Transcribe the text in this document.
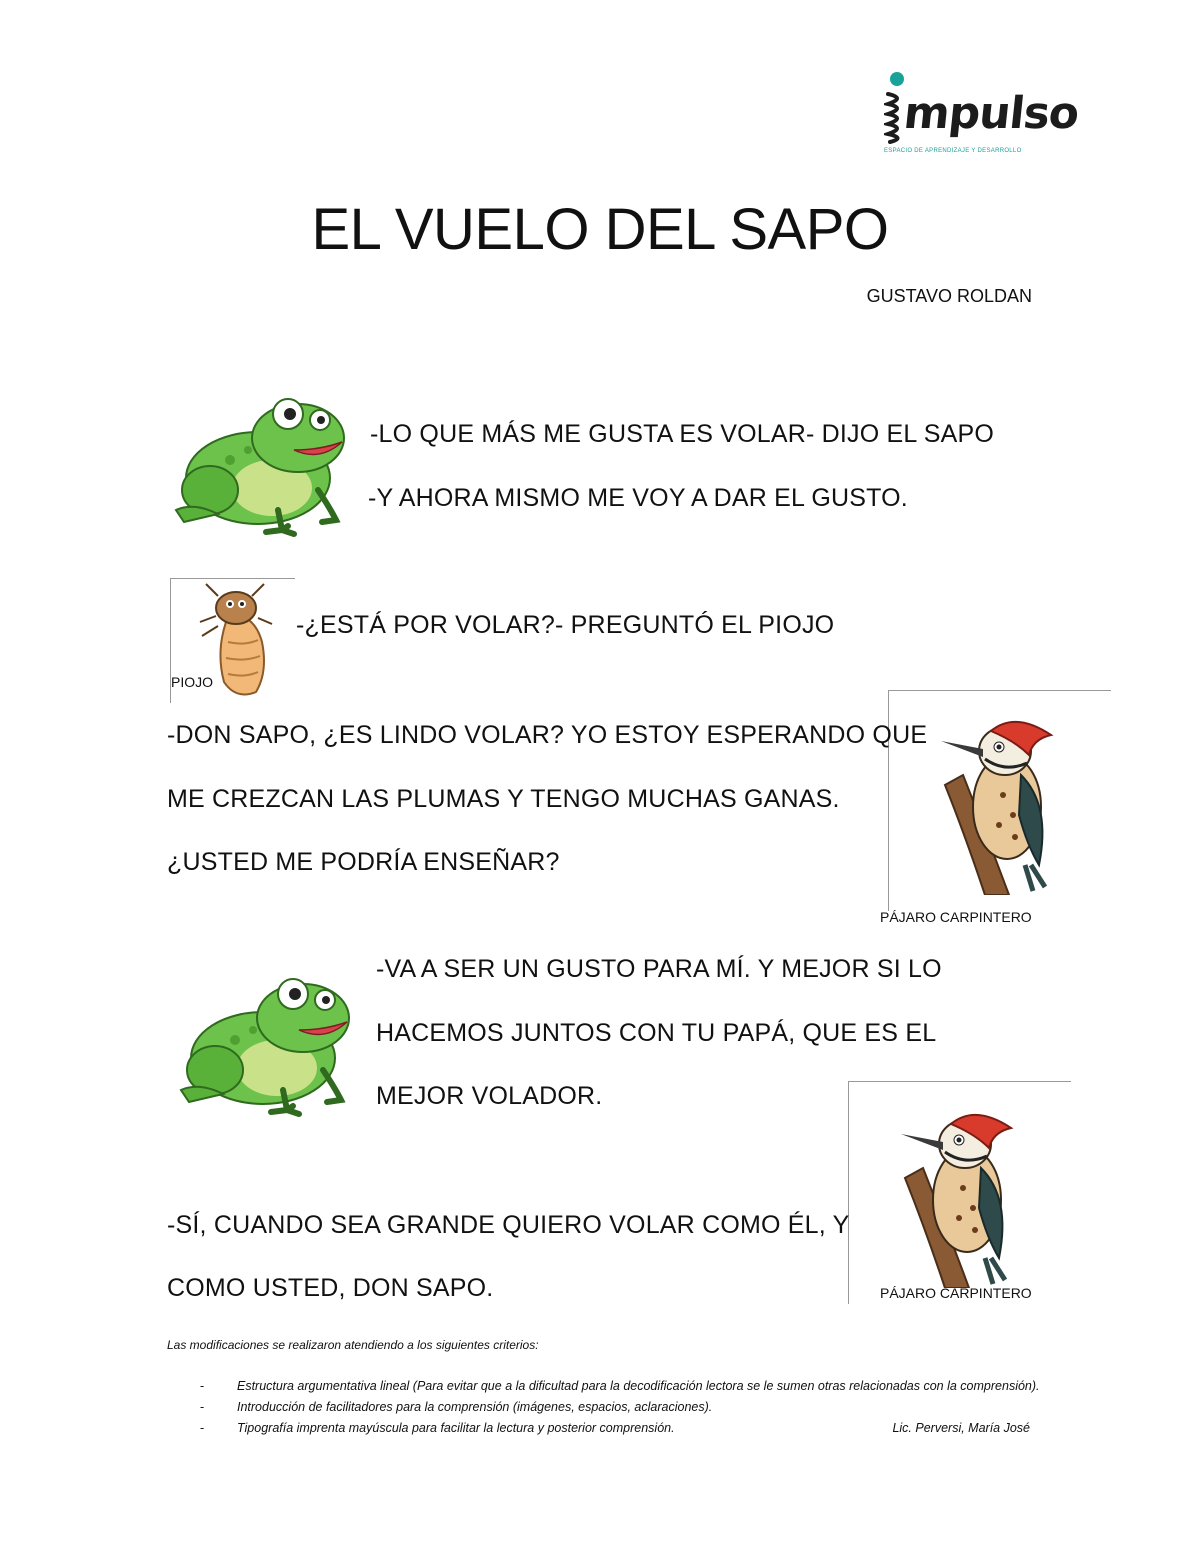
mpulso
ESPACIO DE APRENDIZAJE Y DESARROLLO
EL VUELO DEL SAPO
GUSTAVO ROLDAN
-LO QUE MÁS ME GUSTA ES VOLAR- DIJO EL SAPO
-Y AHORA MISMO ME VOY A DAR EL GUSTO.
PIOJO
-¿ESTÁ POR VOLAR?- PREGUNTÓ EL PIOJO
-DON SAPO, ¿ES LINDO VOLAR? YO ESTOY ESPERANDO QUE
ME CREZCAN LAS PLUMAS Y TENGO MUCHAS GANAS.
¿USTED ME PODRÍA ENSEÑAR?
PÁJARO CARPINTERO
-VA A SER UN GUSTO PARA MÍ. Y MEJOR SI LO
HACEMOS JUNTOS CON TU PAPÁ, QUE ES EL
MEJOR VOLADOR.
-SÍ, CUANDO SEA GRANDE QUIERO VOLAR COMO ÉL, Y
COMO USTED, DON SAPO.	PÁJARO CARPINTERO
Las modificaciones se realizaron atendiendo a los siguientes criterios:
-	Estructura argumentativa lineal (Para evitar que a la dificultad para la decodificación lectora se le sumen otras relacionadas con la comprensión).
-	Introducción de facilitadores para la comprensión (imágenes, espacios, aclaraciones).
-	Tipografía imprenta mayúscula para facilitar la lectura y posterior comprensión.	Lic. Perversi, María José
